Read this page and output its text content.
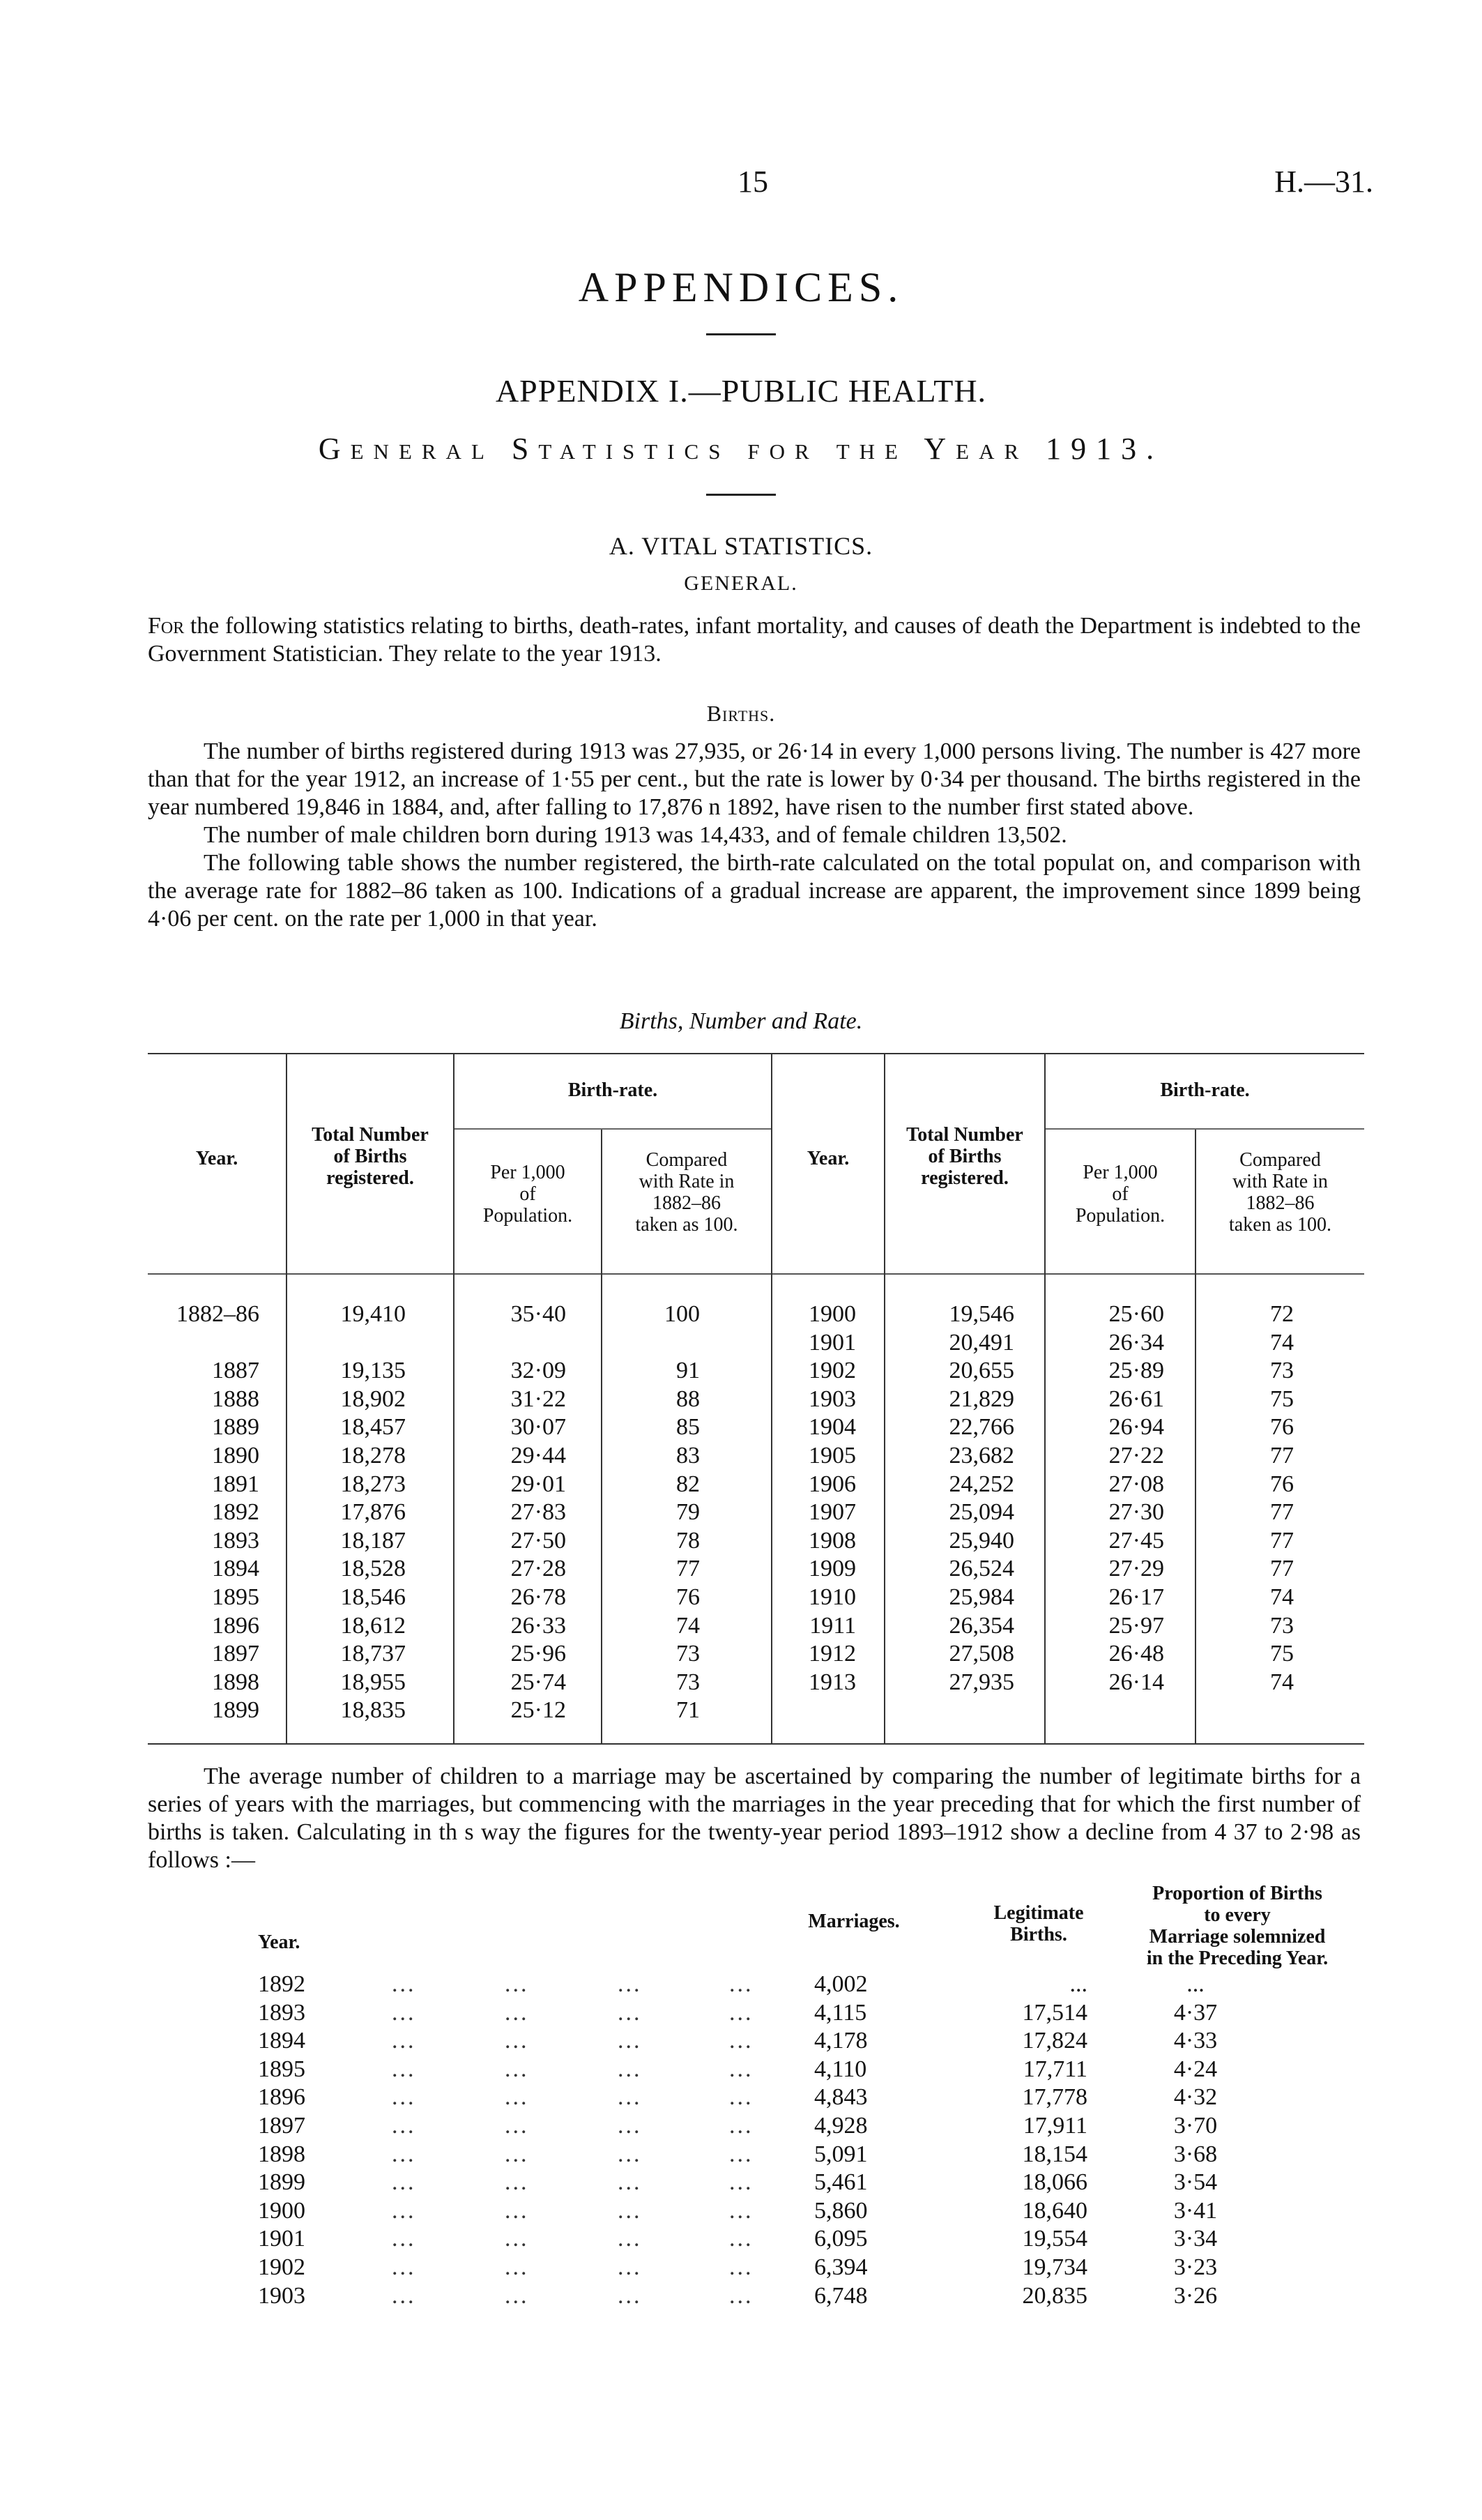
15	H.—31.
APPENDICES.
APPENDIX I.—PUBLIC HEALTH.
General Statistics for the Year 1913.
A. VITAL STATISTICS.
GENERAL.

For the following statistics relating to births, death-rates, infant mortality, and causes of death the Department is indebted to the Government Statistician. They relate to the year 1913.

Births.

The number of births registered during 1913 was 27,935, or 26·14 in every 1,000 persons living. The number is 427 more than that for the year 1912, an increase of 1·55 per cent., but the rate is lower by 0·34 per thousand. The births registered in the year numbered 19,846 in 1884, and, after falling to 17,876 n 1892, have risen to the number first stated above.

The number of male children born during 1913 was 14,433, and of female children 13,502.

The following table shows the number registered, the birth-rate calculated on the total populat on, and comparison with the average rate for 1882–86 taken as 100. Indications of a gradual increase are apparent, the improvement since 1899 being 4·06 per cent. on the rate per 1,000 in that year.

Births, Number and Rate.
Year.
Total Number
of Births
registered.
Birth-rate.
Per 1,000
of
Population.
Compared
with Rate in
1882–86
taken as 100.
Year.
Total Number
of Births
registered.
Birth-rate.
Per 1,000
of
Population.
Compared
with Rate in
1882–86
taken as 100.
1882–86
1887
1888
1889
1890
1891
1892
1893
1894
1895
1896
1897
1898
1899
19,410
19,135
18,902
18,457
18,278
18,273
17,876
18,187
18,528
18,546
18,612
18,737
18,955
18,835
35·40
32·09
31·22
30·07
29·44
29·01
27·83
27·50
27·28
26·78
26·33
25·96
25·74
25·12
100
91
88
85
83
82
79
78
77
76
74
73
73
71
1900
1901
1902
1903
1904
1905
1906
1907
1908
1909
1910
1911
1912
1913
19,546
20,491
20,655
21,829
22,766
23,682
24,252
25,094
25,940
26,524
25,984
26,354
27,508
27,935
25·60
26·34
25·89
26·61
26·94
27·22
27·08
27·30
27·45
27·29
26·17
25·97
26·48
26·14
72
74
73
75
76
77
76
77
77
77
74
73
75
74

The average number of children to a marriage may be ascertained by comparing the number of legitimate births for a series of years with the marriages, but commencing with the marriages in the year preceding that for which the first number of births is taken. Calculating in th s way the figures for the twenty-year period 1893–1912 show a decline from 4 37 to 2·98 as follows :—

Year.
Marriages.	Legitimate
Births.
Proportion of Births
to every
Marriage solemnized
in the Preceding Year.
1892
1893
1894
1895
1896
1897
1898
1899
1900
1901
1902
1903
...
...
...
...
...
...
...
...
...
...
...
...
...
...
...
...
...
...
...
...
...
...
...
...
...
...
...
...
...
...
...
...
...
...
...
...
...
...
...
...
...
...
...
...
...
...
...
...
4,002
4,115
4,178
4,110
4,843
4,928
5,091
5,461
5,860
6,095
6,394
6,748
...
17,514
17,824
17,711
17,778
17,911
18,154
18,066
18,640
19,554
19,734
20,835
...
4·37
4·33
4·24
4·32
3·70
3·68
3·54
3·41
3·34
3·23
3·26
